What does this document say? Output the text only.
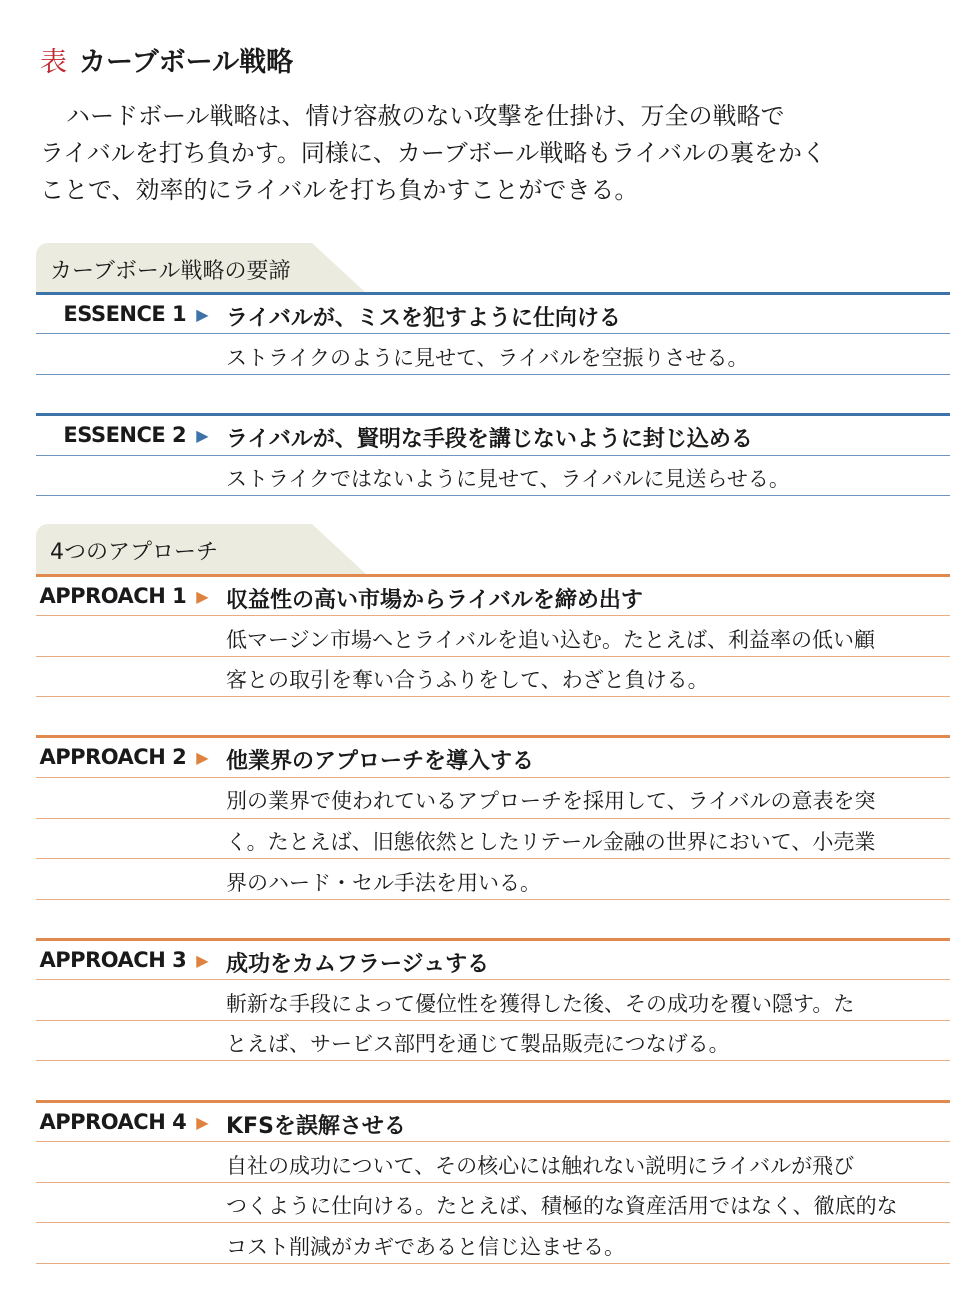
表 カーブボール戦略
ハードボール戦略は、情け容赦のない攻撃を仕掛け、万全の戦略で
ライバルを打ち負かす。同様に、カーブボール戦略もライバルの裏をかく
ことで、効率的にライバルを打ち負かすことができる。
カーブボール戦略の要諦
ESSENCE 1 ▶ ライバルが、ミスを犯すように仕向ける
ストライクのように見せて、ライバルを空振りさせる。
ESSENCE 2 ▶ ライバルが、賢明な手段を講じないように封じ込める
ストライクではないように見せて、ライバルに見送らせる。
4つのアプローチ
APPROACH 1 ▶ 収益性の高い市場からライバルを締め出す
低マージン市場へとライバルを追い込む。たとえば、利益率の低い顧
客との取引を奪い合うふりをして、わざと負ける。
APPROACH 2 ▶ 他業界のアプローチを導入する
別の業界で使われているアプローチを採用して、ライバルの意表を突
く。たとえば、旧態依然としたリテール金融の世界において、小売業
界のハード・セル手法を用いる。
APPROACH 3 ▶ 成功をカムフラージュする
斬新な手段によって優位性を獲得した後、その成功を覆い隠す。た
とえば、サービス部門を通じて製品販売につなげる。
APPROACH 4 ▶ KFSを誤解させる
自社の成功について、その核心には触れない説明にライバルが飛び
つくように仕向ける。たとえば、積極的な資産活用ではなく、徹底的な
コスト削減がカギであると信じ込ませる。
